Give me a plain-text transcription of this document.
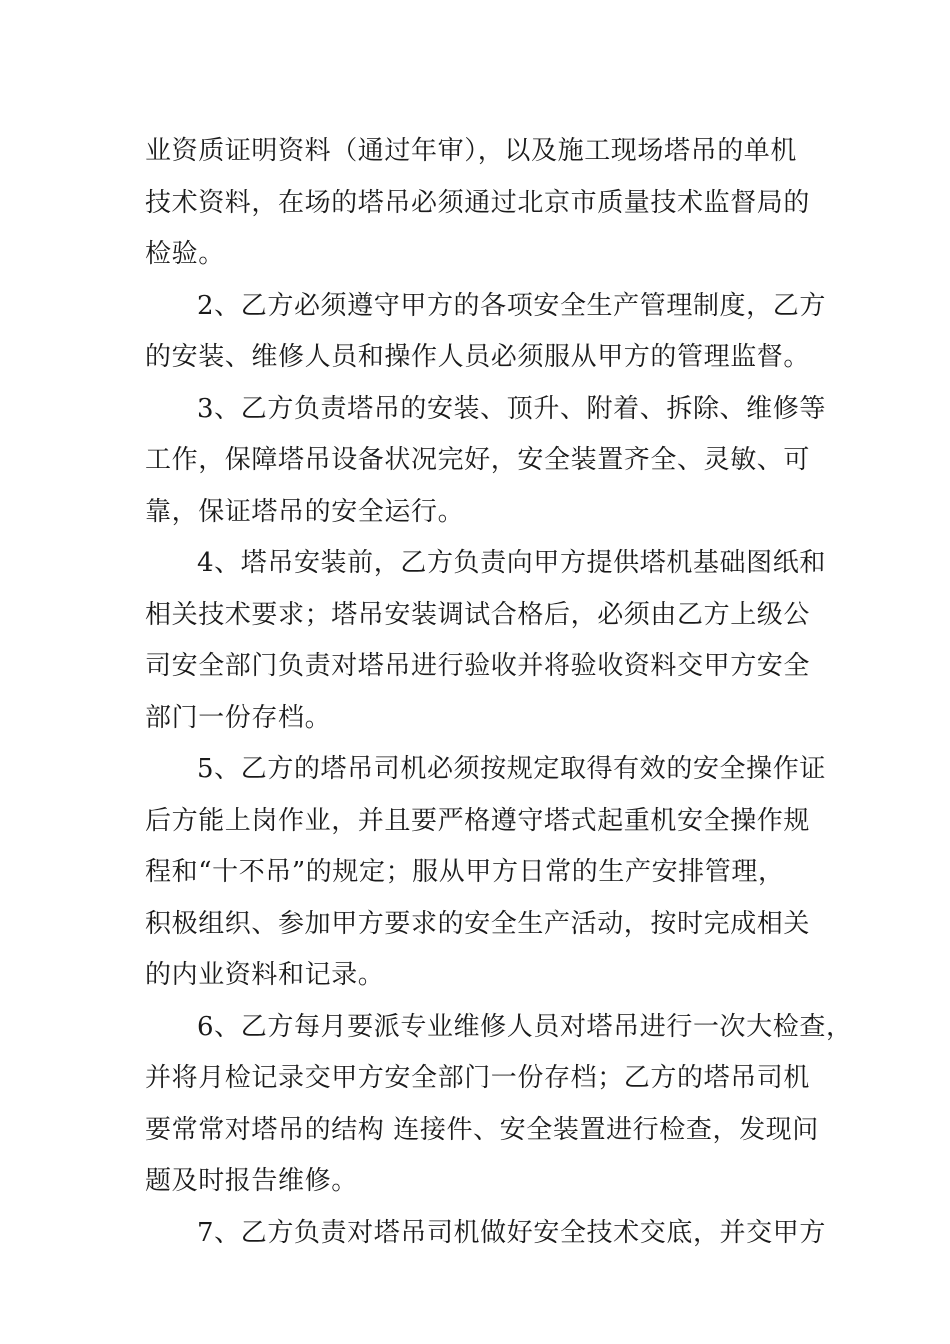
业资质证明资料（通过年审），以及施工现场塔吊的单机
技术资料，在场的塔吊必须通过北京市质量技术监督局的
检验。
2、乙方必须遵守甲方的各项安全生产管理制度，乙方
的安装、维修人员和操作人员必须服从甲方的管理监督。
3、乙方负责塔吊的安装、顶升、附着、拆除、维修等
工作，保障塔吊设备状况完好，安全装置齐全、灵敏、可
靠，保证塔吊的安全运行。
4、塔吊安装前，乙方负责向甲方提供塔机基础图纸和
相关技术要求；塔吊安装调试合格后，必须由乙方上级公
司安全部门负责对塔吊进行验收并将验收资料交甲方安全
部门一份存档。
5、乙方的塔吊司机必须按规定取得有效的安全操作证
后方能上岗作业，并且要严格遵守塔式起重机安全操作规
程和“十不吊”的规定；服从甲方日常的生产安排管理，
积极组织、参加甲方要求的安全生产活动，按时完成相关
的内业资料和记录。
6、乙方每月要派专业维修人员对塔吊进行一次大检查，
并将月检记录交甲方安全部门一份存档；乙方的塔吊司机
要常常对塔吊的结构 连接件、安全装置进行检查，发现问
题及时报告维修。
7、乙方负责对塔吊司机做好安全技术交底，并交甲方
